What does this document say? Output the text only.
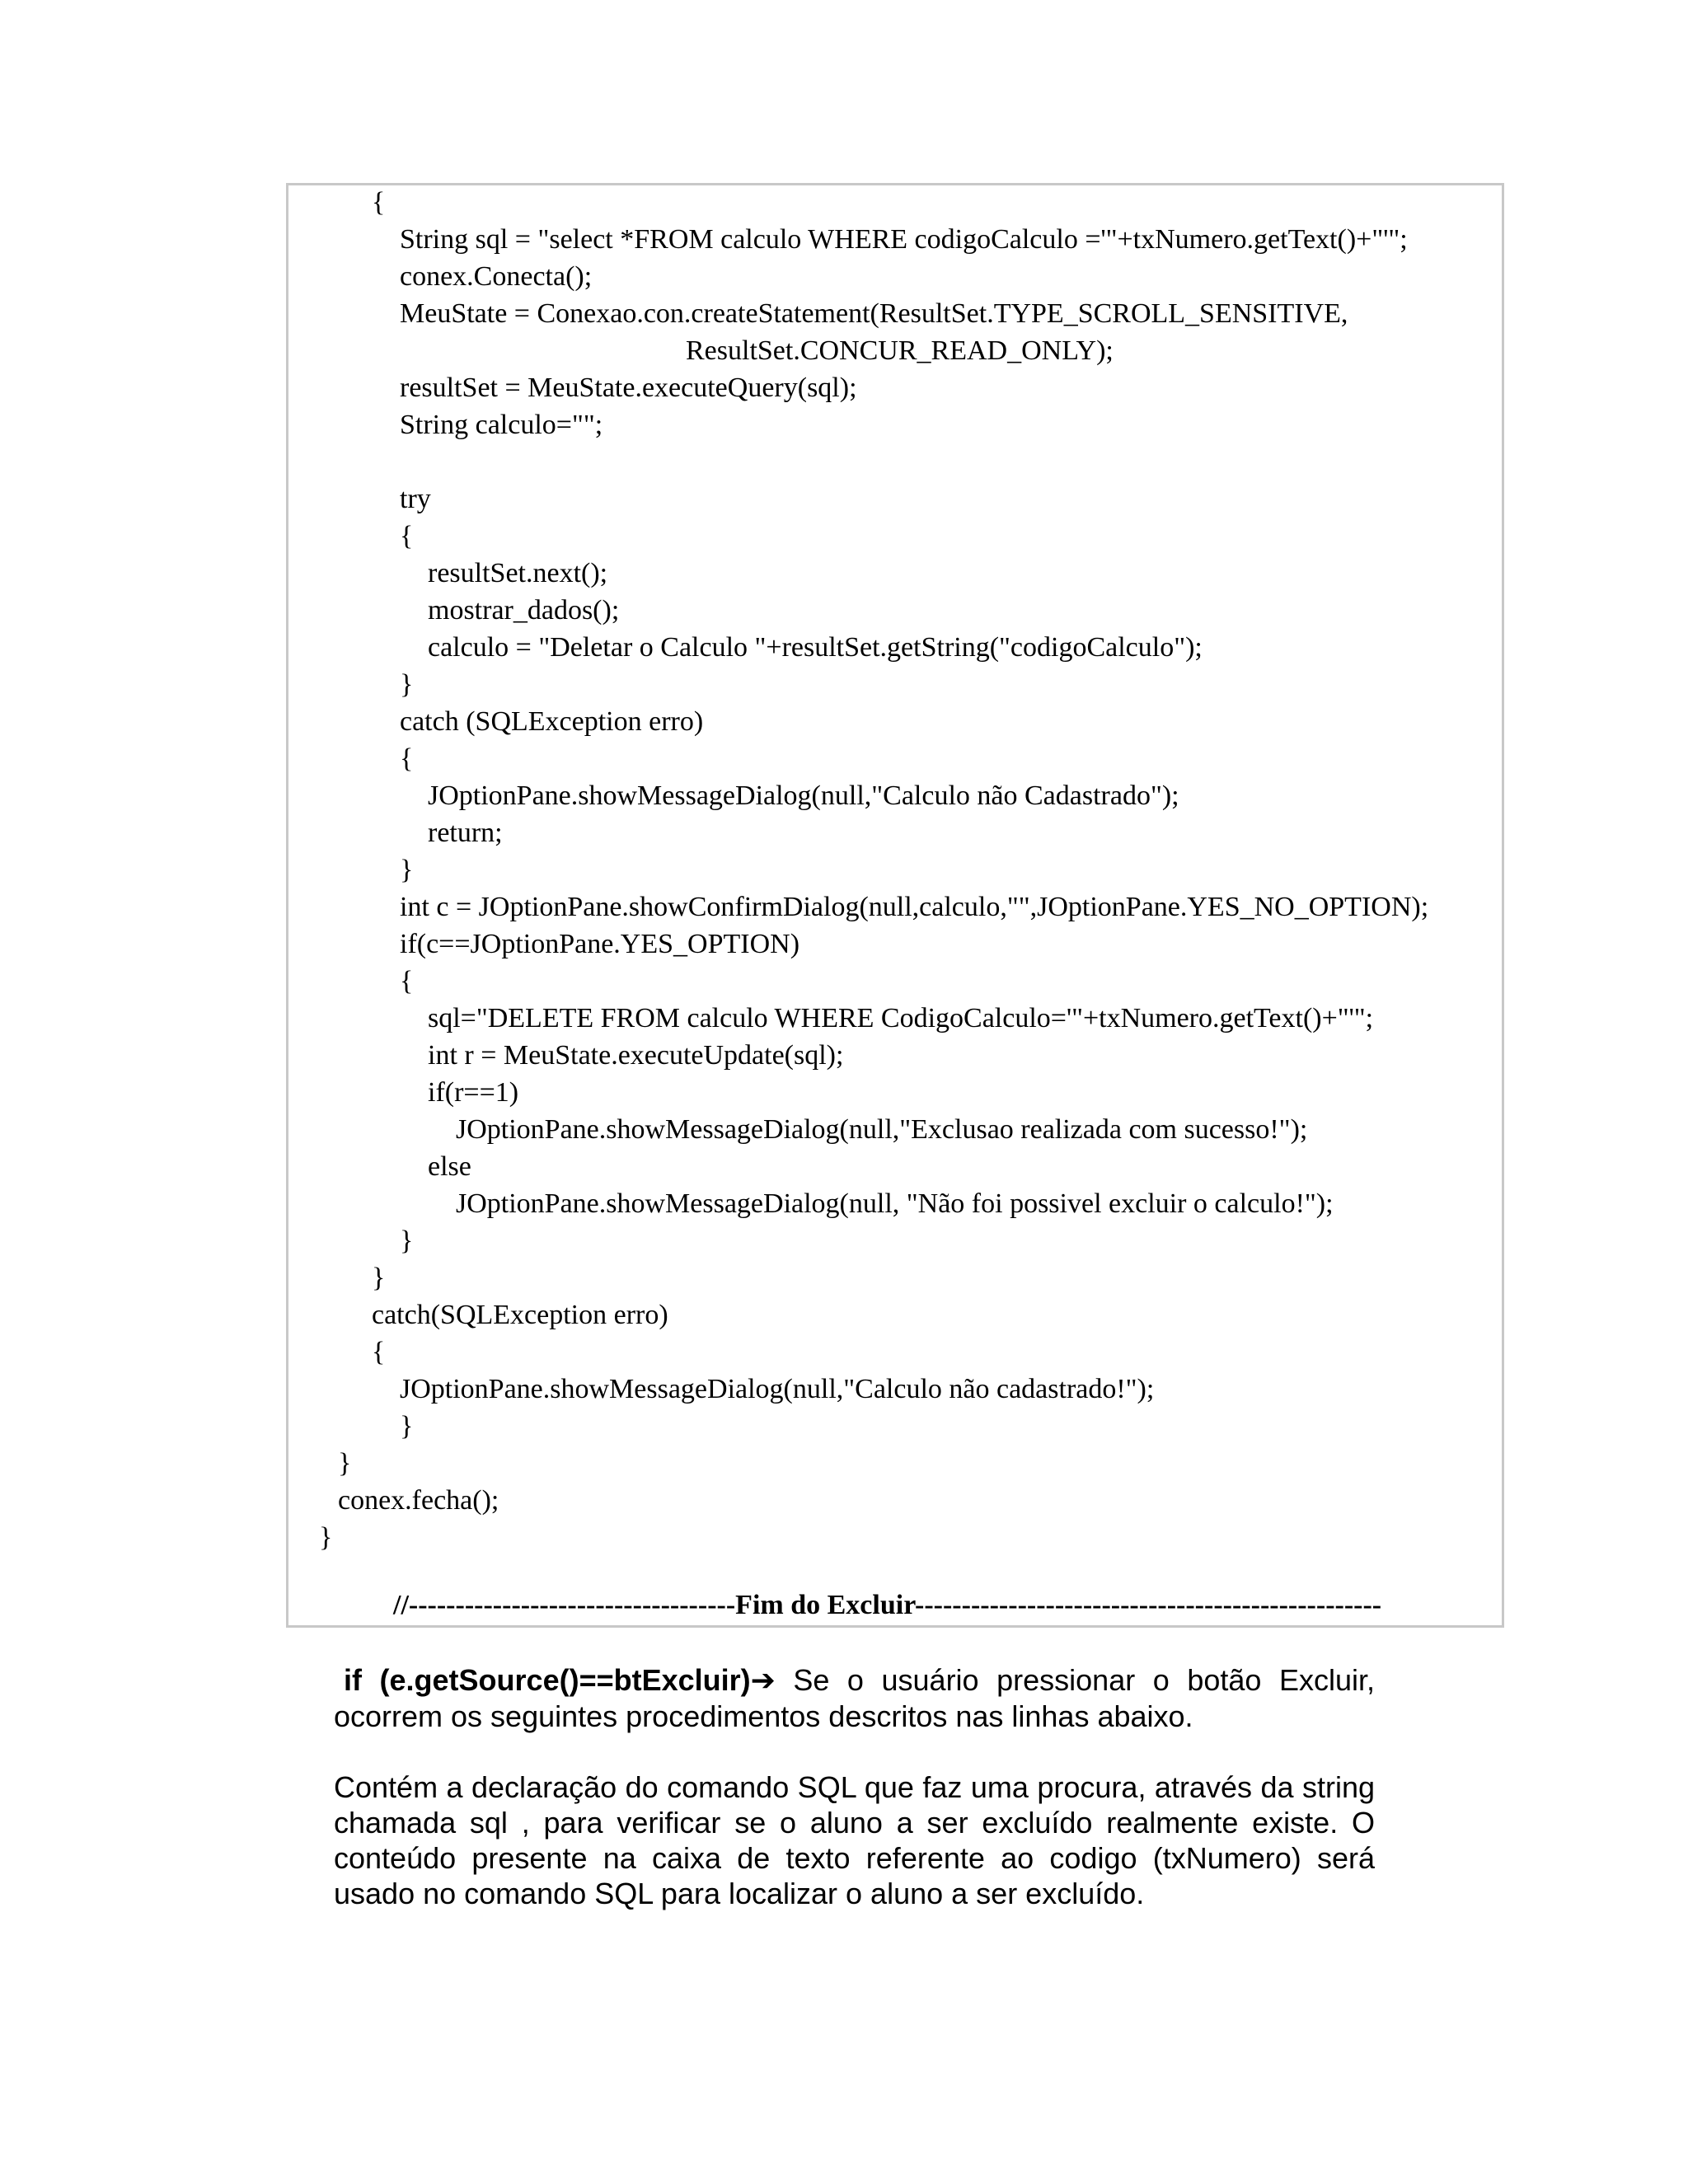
{
String sql = "select *FROM calculo WHERE codigoCalculo ='"+txNumero.getText()+"'";
conex.Conecta();
MeuState = Conexao.con.createStatement(ResultSet.TYPE_SCROLL_SENSITIVE,
ResultSet.CONCUR_READ_ONLY);
resultSet = MeuState.executeQuery(sql);
String calculo="";
try
{
resultSet.next();
mostrar_dados();
calculo = "Deletar o Calculo "+resultSet.getString("codigoCalculo");
}
catch (SQLException erro)
{
JOptionPane.showMessageDialog(null,"Calculo não Cadastrado");
return;
}
int c = JOptionPane.showConfirmDialog(null,calculo,"",JOptionPane.YES_NO_OPTION);
if(c==JOptionPane.YES_OPTION)
{
sql="DELETE FROM calculo WHERE CodigoCalculo='"+txNumero.getText()+"'";
int r = MeuState.executeUpdate(sql);
if(r==1)
JOptionPane.showMessageDialog(null,"Exclusao realizada com sucesso!");
else
JOptionPane.showMessageDialog(null, "Não foi possivel excluir o calculo!");
}
}
catch(SQLException erro)
{
JOptionPane.showMessageDialog(null,"Calculo não cadastrado!");
}
}
conex.fecha();
}
//-----------------------------------Fim do Excluir--------------------------------------------------
if (e.getSource()==btExcluir)➔ Se o usuário pressionar o botão Excluir, ocorrem os seguintes procedimentos descritos nas linhas abaixo.
Contém a declaração do comando SQL que faz uma procura, através da string chamada sql , para verificar se o aluno a ser excluído realmente existe. O conteúdo presente na caixa de texto referente ao codigo (txNumero) será usado no comando SQL para localizar o aluno a ser excluído.
